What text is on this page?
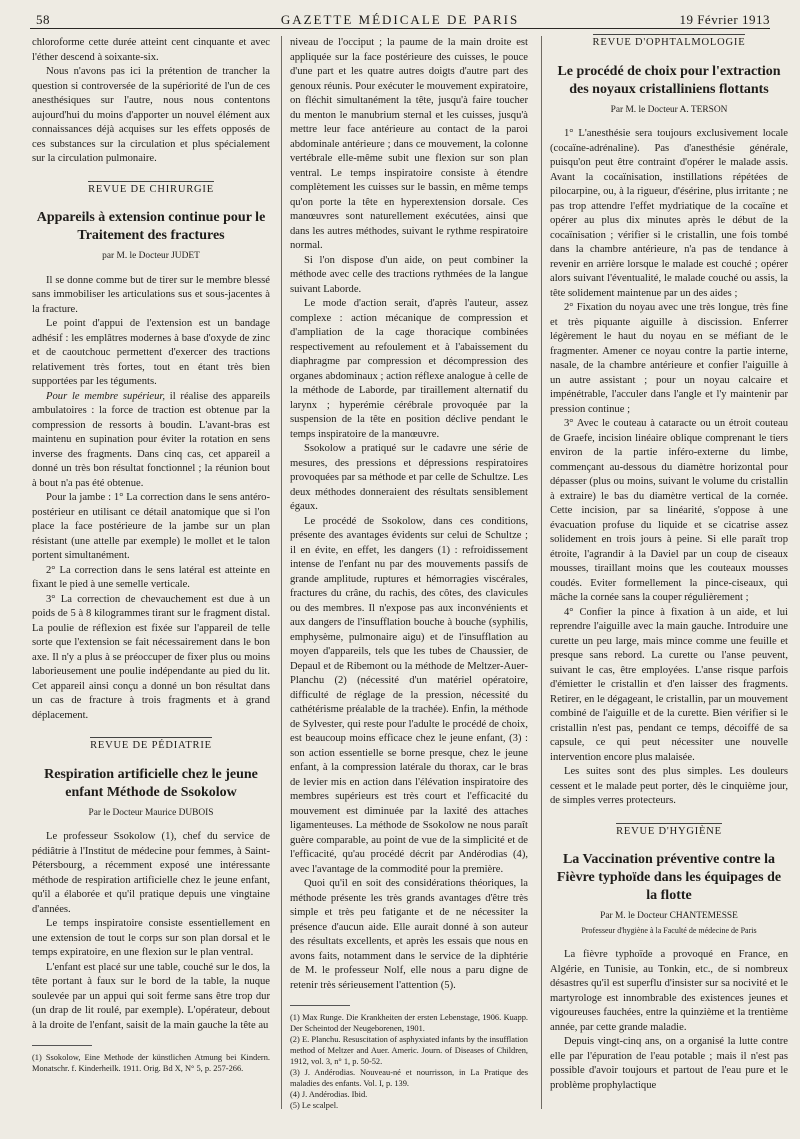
58	GAZETTE MÉDICALE DE PARIS	19 Février 1913

chloroforme cette durée atteint cent cinquante et avec l'éther descend à soixante-six.

Nous n'avons pas ici la prétention de trancher la question si controversée de la supériorité de l'un de ces anesthésiques sur l'autre, nous nous contentons aujourd'hui du moins d'apporter un nouvel élément aux connaissances déjà acquises sur les effets opposés de ces substances sur la circulation et plus spécialement sur la circulation pulmonaire.

REVUE DE CHIRURGIE
Appareils à extension continue pour le Traitement des fractures
par M. le Docteur JUDET

Il se donne comme but de tirer sur le membre blessé sans immobiliser les articulations sus et sous-jacentes à la fracture.

Le point d'appui de l'extension est un bandage adhésif : les emplâtres modernes à base d'oxyde de zinc et de caoutchouc permettent d'exercer des tractions relativement très fortes, tout en étant très bien supportées par les téguments.

Pour le membre supérieur, il réalise des appareils ambulatoires : la force de traction est obtenue par la compression de ressorts à boudin. L'avant-bras est maintenu en supination pour éviter la rotation en sens inverse des fragments. Dans cinq cas, cet appareil a donné un très bon résultat fonctionnel ; la réunion bout à bout n'a pas été obtenue.

Pour la jambe : 1° La correction dans le sens antéro-postérieur en utilisant ce détail anatomique que si l'on place la face postérieure de la jambe sur un plan résistant (une attelle par exemple) le mollet et le talon portent simultanément.

2° La correction dans le sens latéral est atteinte en fixant le pied à une semelle verticale.

3° La correction de chevauchement est due à un poids de 5 à 8 kilogrammes tirant sur le fragment distal. La poulie de réflexion est fixée sur l'appareil de telle sorte que l'extension se fait nécessairement dans le bon axe. Il n'y a plus à se préoccuper de fixer plus ou moins laborieusement une poulie indépendante au pied du lit. Cet appareil ainsi conçu a donné un bon résultat dans un cas de fracture à trois fragments et à grand déplacement.

REVUE DE PÉDIATRIE
Respiration artificielle chez le jeune enfant Méthode de Ssokolow
Par le Docteur Maurice DUBOIS

Le professeur Ssokolow (1), chef du service de pédiâtrie à l'Institut de médecine pour femmes, à Saint-Pétersbourg, a récemment exposé une intéressante méthode de respiration artificielle chez le jeune enfant, qu'il a élaborée et qu'il pratique depuis une vingtaine d'années.

Le temps inspiratoire consiste essentiellement en une extension de tout le corps sur son plan dorsal et le temps expiratoire, en une flexion sur le plan ventral.

L'enfant est placé sur une table, couché sur le dos, la tête portant à faux sur le bord de la table, la nuque soulevée par un appui qui soit ferme sans être trop dur (un drap de lit roulé, par exemple). L'opérateur, debout à la droite de l'enfant, saisit de la main gauche la tête au

(1) Ssokolow, Eine Methode der künstlichen Atmung bei Kindern. Monatschr. f. Kinderheilk. 1911. Orig. Bd X, N° 5, p. 257-266.

niveau de l'occiput ; la paume de la main droite est appliquée sur la face postérieure des cuisses, le pouce d'une part et les quatre autres doigts d'autre part des genoux réunis. Pour exécuter le mouvement expiratoire, on fléchit simultanément la tête, jusqu'à faire toucher du menton le manubrium sternal et les cuisses, jusqu'à mettre leur face antérieure au contact de la paroi abdominale antérieure ; dans ce mouvement, la colonne vertébrale elle-même subit une flexion sur son plan ventral. Le temps inspiratoire consiste à étendre complètement les cuisses sur le bassin, en même temps qu'on porte la tête en hyperextension dorsale. Ces manœuvres sont naturellement exécutées, ainsi que dans les autres méthodes, suivant le rythme respiratoire normal.

Si l'on dispose d'un aide, on peut combiner la méthode avec celle des tractions rythmées de la langue suivant Laborde.

Le mode d'action serait, d'après l'auteur, assez complexe : action mécanique de compression et d'ampliation de la cage thoracique combinées respectivement au refoulement et à l'abaissement du diaphragme par compression et décompression des organes abdominaux ; action réflexe analogue à celle de la méthode de Laborde, par tiraillement alternatif du larynx ; hyperémie cérébrale provoquée par la suspension de la tête en position déclive pendant le temps inspiratoire de la manœuvre.

Ssokolow a pratiqué sur le cadavre une série de mesures, des pressions et dépressions respiratoires provoquées par sa méthode et par celle de Schultze. Les deux méthodes donneraient des résultats sensiblement égaux.

Le procédé de Ssokolow, dans ces conditions, présente des avantages évidents sur celui de Schultze ; il en évite, en effet, les dangers (1) : refroidissement intense de l'enfant nu par des mouvements passifs de grande amplitude, ruptures et hémorragies viscérales, fractures du crâne, du rachis, des côtes, des clavicules ou des membres. Il n'expose pas aux inconvénients et aux dangers de l'insufflation bouche à bouche (syphilis, emphysème, pulmonaire aigu) et de l'insufflation au moyen d'appareils, tels que les tubes de Chaussier, de Depaul et de Ribemont ou la méthode de Meltzer-Auer-Planchu (2) (nécessité d'un matériel opératoire, difficulté de réglage de la pression, nécessité du cathétérisme préalable de la trachée). Enfin, la méthode de Sylvester, qui reste pour l'adulte le procédé de choix, est beaucoup moins efficace chez le jeune enfant, (3) : son action essentielle se borne presque, chez le jeune enfant, à la compression latérale du thorax, car le bras de levier mis en action dans l'élévation inspiratoire des membres supérieurs est très court et l'efficacité du mouvement est diminuée par la laxité des attaches ligamenteuses. La méthode de Ssokolow ne nous paraît guère comparable, au point de vue de la simplicité et de l'efficacité, qu'au procédé décrit par Andérodias (4), avec l'avantage de la commodité pour la première.

Quoi qu'il en soit des considérations théoriques, la méthode présente les très grands avantages d'être très simple et très peu fatigante et de ne nécessiter la présence d'aucun aide. Elle aurait donné à son auteur des résultats excellents, et après les essais que nous en avons faits, notamment dans le service de la diphtérie de M. le professeur Nolf, elle nous a paru digne de retenir très sérieusement l'attention (5).

(1) Max Runge. Die Krankheiten der ersten Lebenstage, 1906. Kuapp. Der Scheintod der Neugeborenen, 1901.

(2) E. Planchu. Resuscitation of asphyxiated infants by the insufflation method of Meltzer and Auer. Americ. Journ. of Diseases of Children, 1912, vol. 3, n° 1, p. 50-52.

(3) J. Andérodias. Nouveau-né et nourrisson, in La Pratique des maladies des enfants. Vol. I, p. 139.

(4) J. Andérodias. Ibid.

(5) Le scalpel.

REVUE D'OPHTALMOLOGIE
Le procédé de choix pour l'extraction des noyaux cristalliniens flottants
Par M. le Docteur A. TERSON

1° L'anesthésie sera toujours exclusivement locale (cocaïne-adrénaline). Pas d'anesthésie générale, puisqu'on peut être contraint d'opérer le malade assis. Avant la cocaïnisation, instillations répétées de pilocarpine, ou, à la rigueur, d'ésérine, plus irritante ; ne pas trop attendre l'effet mydriatique de la cocaïne et opérer au plus dix minutes après le début de la cocaïnisation ; vérifier si le cristallin, une fois tombé dans la chambre antérieure, n'a pas de tendance à revenir en arrière lorsque le malade est couché ; opérer alors suivant l'éventualité, le malade couché ou assis, la tête solidement maintenue par un des aides ;

2° Fixation du noyau avec une très longue, très fine et très piquante aiguille à discission. Enferrer légèrement le haut du noyau en se méfiant de le fragmenter. Amener ce noyau contre la partie interne, nasale, de la chambre antérieure et confier l'aiguille à un autre assistant ; pour un noyau calcaire et impénétrable, l'acculer dans l'angle et l'y maintenir par pression continue ;

3° Avec le couteau à cataracte ou un étroit couteau de Graefe, incision linéaire oblique comprenant le tiers environ de la partie inféro-externe du limbe, commençant au-dessous du diamètre horizontal pour dépasser (plus ou moins, suivant le volume du cristallin à extraire) le bas du diamètre vertical de la cornée. Cette incision, par sa linéarité, s'oppose à une évacuation profuse du liquide et se cicatrise assez solidement en trois jours à peine. Si elle paraît trop étroite, l'agrandir à la Daviel par un coup de ciseaux mousses, tiraillant moins que les couteaux mousses coudés. Eviter formellement la pince-ciseaux, qui mâche la cornée sans la couper régulièrement ;

4° Confier la pince à fixation à un aide, et lui reprendre l'aiguille avec la main gauche. Introduire une curette un peu large, mais mince comme une feuille et presque sans rebord. La curette ou l'anse peuvent, suivant le cas, être employées. L'anse risque parfois d'émietter le cristallin et d'en laisser des fragments. Retirer, en le dégageant, le cristallin, par un mouvement combiné de l'aiguille et de la curette. Bien vérifier si le cristallin n'est pas, pendant ce temps, décoiffé de sa capsule, ce qui peut nécessiter une nouvelle intervention encore plus malaisée.

Les suites sont des plus simples. Les douleurs cessent et le malade peut porter, dès le cinquième jour, de simples verres protecteurs.

REVUE D'HYGIÈNE
La Vaccination préventive contre la Fièvre typhoïde dans les équipages de la flotte
Par M. le Docteur CHANTEMESSE
Professeur d'hygiène à la Faculté de médecine de Paris

La fièvre typhoïde a provoqué en France, en Algérie, en Tunisie, au Tonkin, etc., de si nombreux désastres qu'il est superflu d'insister sur sa nocivité et le martyrologe est innombrable des existences jeunes et vigoureuses fauchées, entre la quinzième et la trentième année, par cette grande maladie.

Depuis vingt-cinq ans, on a organisé la lutte contre elle par l'épuration de l'eau potable ; mais il n'est pas possible d'avoir toujours et partout de l'eau pure et le problème prophylactique
